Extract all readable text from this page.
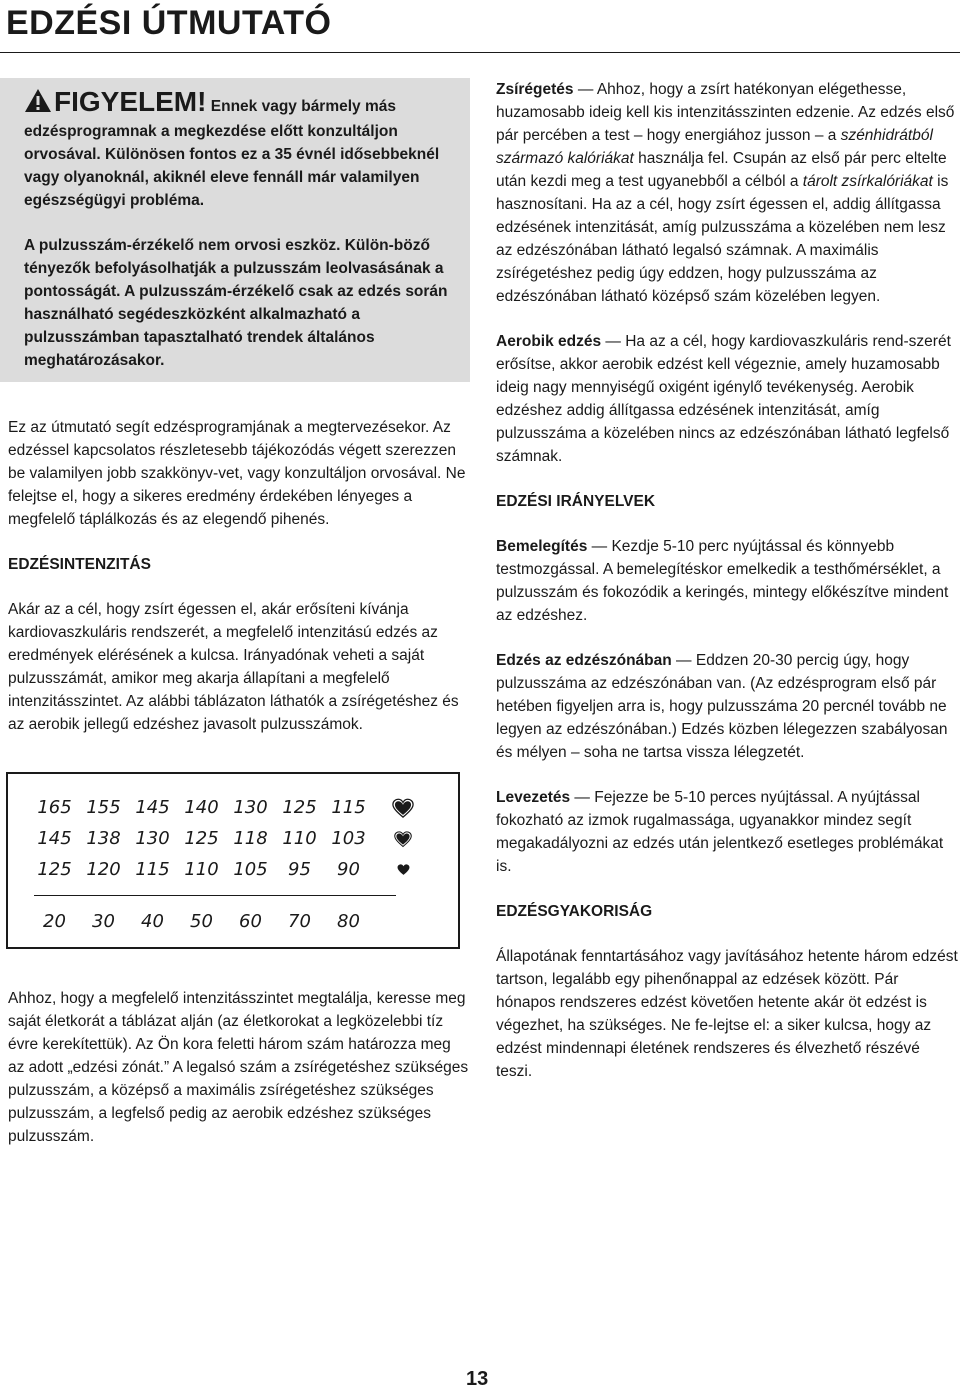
EDZÉSI ÚTMUTATÓ

FIGYELEM! Ennek vagy bármely más edzésprogramnak a megkezdése előtt konzultáljon orvosával. Különösen fontos ez a 35 évnél idősebbeknél vagy olyanoknál, akiknél eleve fennáll már valamilyen egészségügyi probléma.

A pulzusszám-érzékelő nem orvosi eszköz. Külön-böző tényezők befolyásolhatják a pulzusszám leolvasásának a pontosságát. A pulzusszám-érzékelő csak az edzés során használható segédeszközként alkalmazható a pulzusszámban tapasztalható trendek általános meghatározásakor.

Ez az útmutató segít edzésprogramjának a megtervezésekor. Az edzéssel kapcsolatos részletesebb tájékozódás végett szerezzen be valamilyen jobb szakkönyv-vet, vagy konzultáljon orvosával. Ne felejtse el, hogy a sikeres eredmény érdekében lényeges a megfelelő táplálkozás és az elegendő pihenés.

EDZÉSINTENZITÁS

Akár az a cél, hogy zsírt égessen el, akár erősíteni kívánja kardiovaszkuláris rendszerét, a megfelelő intenzitású edzés az eredmények elérésének a kulcsa. Irányadónak veheti a saját pulzusszámát, amikor meg akarja állapítani a megfelelő intenzitásszintet. Az alábbi táblázaton láthatók a zsírégetéshez és az aerobik jellegű edzéshez javasolt pulzusszámok.

165 155 145 140 130 125 115
145 138 130 125 118 110 103
125 120 115 110 105	95	90
20	30	40	50	60	70	80

Ahhoz, hogy a megfelelő intenzitásszintet megtalálja, keresse meg saját életkorát a táblázat alján (az életkorokat a legközelebbi tíz évre kerekítettük). Az Ön kora feletti három szám határozza meg az adott „edzési zónát.” A legalsó szám a zsírégetéshez szükséges pulzusszám, a középső a maximális zsírégetéshez szükséges pulzusszám, a legfelső pedig az aerobik edzéshez szükséges pulzusszám.

Zsírégetés — Ahhoz, hogy a zsírt hatékonyan elégethesse, huzamosabb ideig kell kis intenzitásszinten edzenie. Az edzés első pár percében a test – hogy energiához jusson – a szénhidrátból származó kalóriákat használja fel. Csupán az első pár perc eltelte után kezdi meg a test ugyanebből a célból a tárolt zsírkalóriákat is hasznosítani. Ha az a cél, hogy zsírt égessen el, addig állítgassa edzésének intenzitását, amíg pulzusszáma a közelében nem lesz az edzészónában látható legalsó számnak. A maximális zsírégetéshez pedig úgy eddzen, hogy pulzusszáma az edzészónában látható középső szám közelében legyen.

Aerobik edzés — Ha az a cél, hogy kardiovaszkuláris rend-szerét erősítse, akkor aerobik edzést kell végeznie, amely huzamosabb ideig nagy mennyiségű oxigént igénylő tevékenység. Aerobik edzéshez addig állítgassa edzésének intenzitását, amíg pulzusszáma a közelében nincs az edzészónában látható legfelső számnak.

EDZÉSI IRÁNYELVEK

Bemelegítés — Kezdje 5-10 perc nyújtással és könnyebb testmozgással. A bemelegítéskor emelkedik a testhőmérséklet, a pulzusszám és fokozódik a keringés, mintegy előkészítve mindent az edzéshez.

Edzés az edzészónában — Eddzen 20-30 percig úgy, hogy pulzusszáma az edzészónában van. (Az edzésprogram első pár hetében figyeljen arra is, hogy pulzusszáma 20 percnél tovább ne legyen az edzészónában.) Edzés közben lélegezzen szabályosan és mélyen – soha ne tartsa vissza lélegzetét.

Levezetés — Fejezze be 5-10 perces nyújtással. A nyújtással fokozható az izmok rugalmassága, ugyanakkor mindez segít megakadályozni az edzés után jelentkező esetleges problémákat is.

EDZÉSGYAKORISÁG

Állapotának fenntartásához vagy javításához hetente három edzést tartson, legalább egy pihenőnappal az edzések között. Pár hónapos rendszeres edzést követően hetente akár öt edzést is végezhet, ha szükséges. Ne fe-lejtse el: a siker kulcsa, hogy az edzést mindennapi életének rendszeres és élvezhető részévé teszi.

13
